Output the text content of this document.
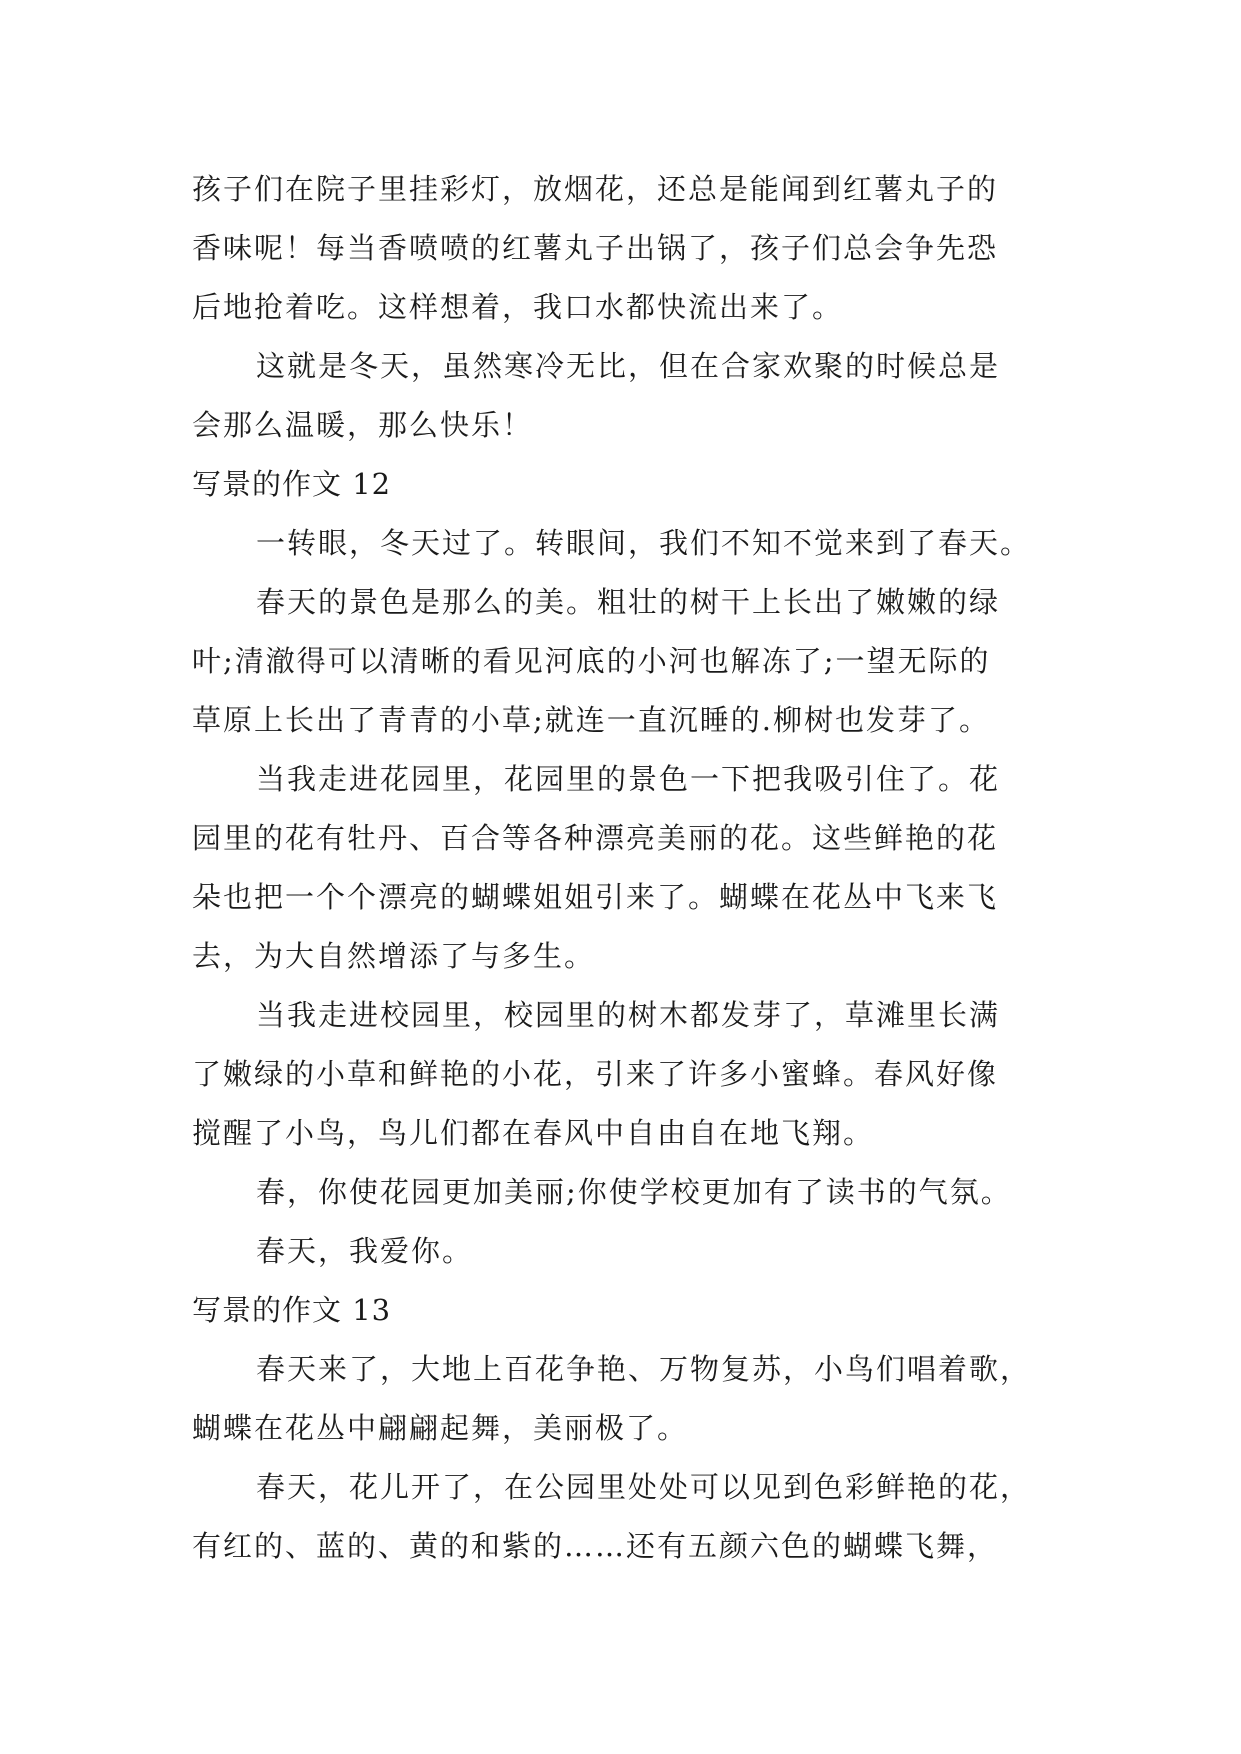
孩子们在院子里挂彩灯，放烟花，还总是能闻到红薯丸子的
香味呢！每当香喷喷的红薯丸子出锅了，孩子们总会争先恐
后地抢着吃。这样想着，我口水都快流出来了。
这就是冬天，虽然寒冷无比，但在合家欢聚的时候总是
会那么温暖，那么快乐！
写景的作文 12
一转眼，冬天过了。转眼间，我们不知不觉来到了春天。
春天的景色是那么的美。粗壮的树干上长出了嫩嫩的绿
叶;清澈得可以清晰的看见河底的小河也解冻了;一望无际的
草原上长出了青青的小草;就连一直沉睡的.柳树也发芽了。
当我走进花园里，花园里的景色一下把我吸引住了。花
园里的花有牡丹、百合等各种漂亮美丽的花。这些鲜艳的花
朵也把一个个漂亮的蝴蝶姐姐引来了。蝴蝶在花丛中飞来飞
去，为大自然增添了与多生。
当我走进校园里，校园里的树木都发芽了，草滩里长满
了嫩绿的小草和鲜艳的小花，引来了许多小蜜蜂。春风好像
搅醒了小鸟，鸟儿们都在春风中自由自在地飞翔。
春，你使花园更加美丽;你使学校更加有了读书的气氛。
春天，我爱你。
写景的作文 13
春天来了，大地上百花争艳、万物复苏，小鸟们唱着歌，
蝴蝶在花丛中翩翩起舞，美丽极了。
春天，花儿开了，在公园里处处可以见到色彩鲜艳的花，
有红的、蓝的、黄的和紫的……还有五颜六色的蝴蝶飞舞，
